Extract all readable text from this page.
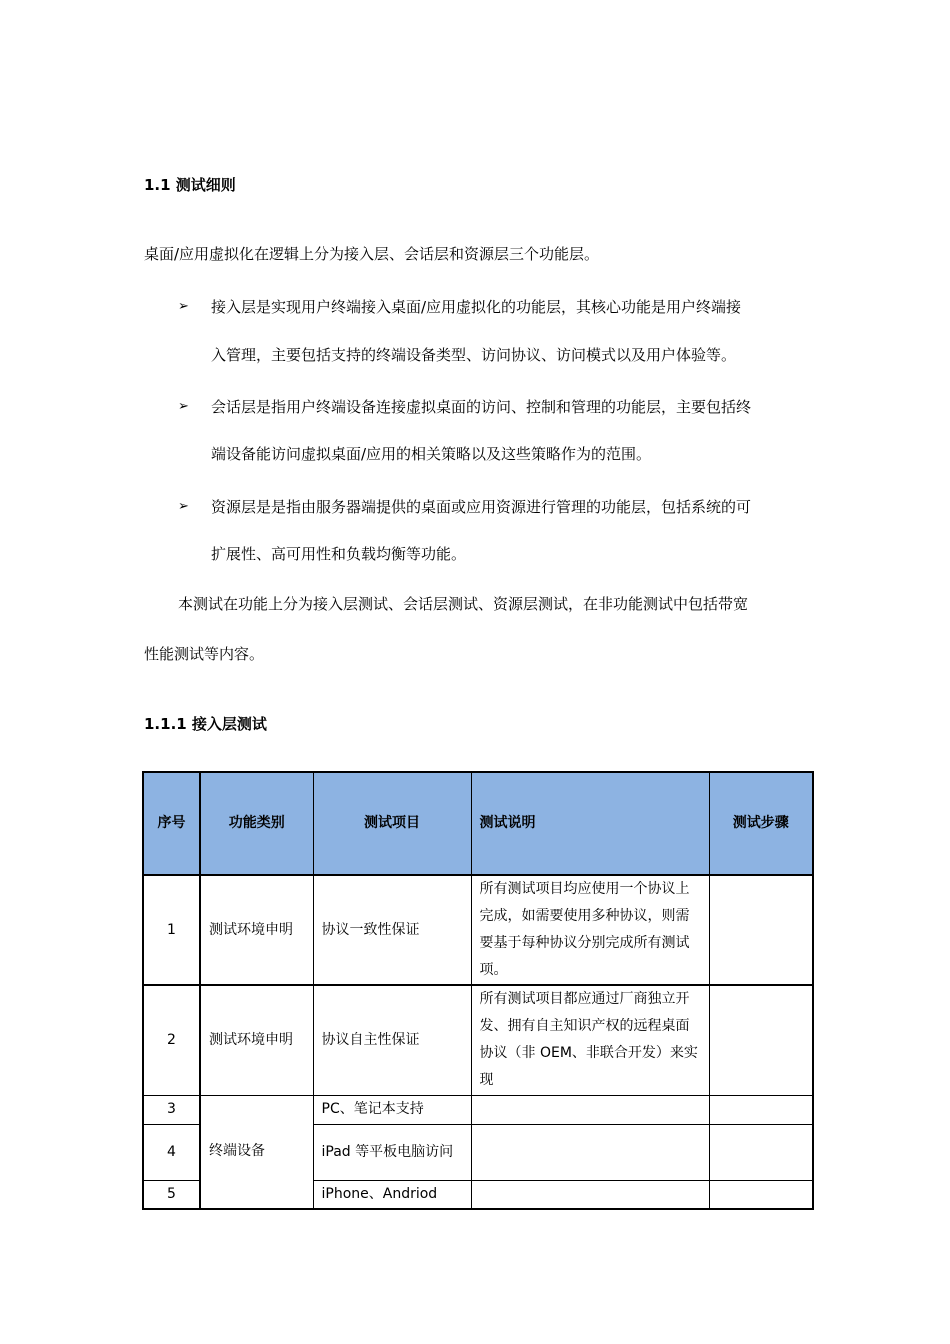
1.1 测试细则
桌面/应用虚拟化在逻辑上分为接入层、会话层和资源层三个功能层。
➢ 接入层是实现用户终端接入桌面/应用虚拟化的功能层，其核心功能是用户终端接
入管理，主要包括支持的终端设备类型、访问协议、访问模式以及用户体验等。
➢ 会话层是指用户终端设备连接虚拟桌面的访问、控制和管理的功能层，主要包括终
端设备能访问虚拟桌面/应用的相关策略以及这些策略作为的范围。
➢ 资源层是是指由服务器端提供的桌面或应用资源进行管理的功能层，包括系统的可
扩展性、高可用性和负载均衡等功能。
本测试在功能上分为接入层测试、会话层测试、资源层测试，在非功能测试中包括带宽
性能测试等内容。
1.1.1 接入层测试
序号	功能类别	测试项目	测试说明	测试步骤
1	测试环境申明	协议一致性保证	所有测试项目均应使用一个协议上完成，如需要使用多种协议，则需要基于每种协议分别完成所有测试项。	
2	测试环境申明	协议自主性保证	所有测试项目都应通过厂商独立开发、拥有自主知识产权的远程桌面协议（非 OEM、非联合开发）来实现	
3	终端设备	PC、笔记本支持		
4		iPad 等平板电脑访问		
5		iPhone、Andriod		
